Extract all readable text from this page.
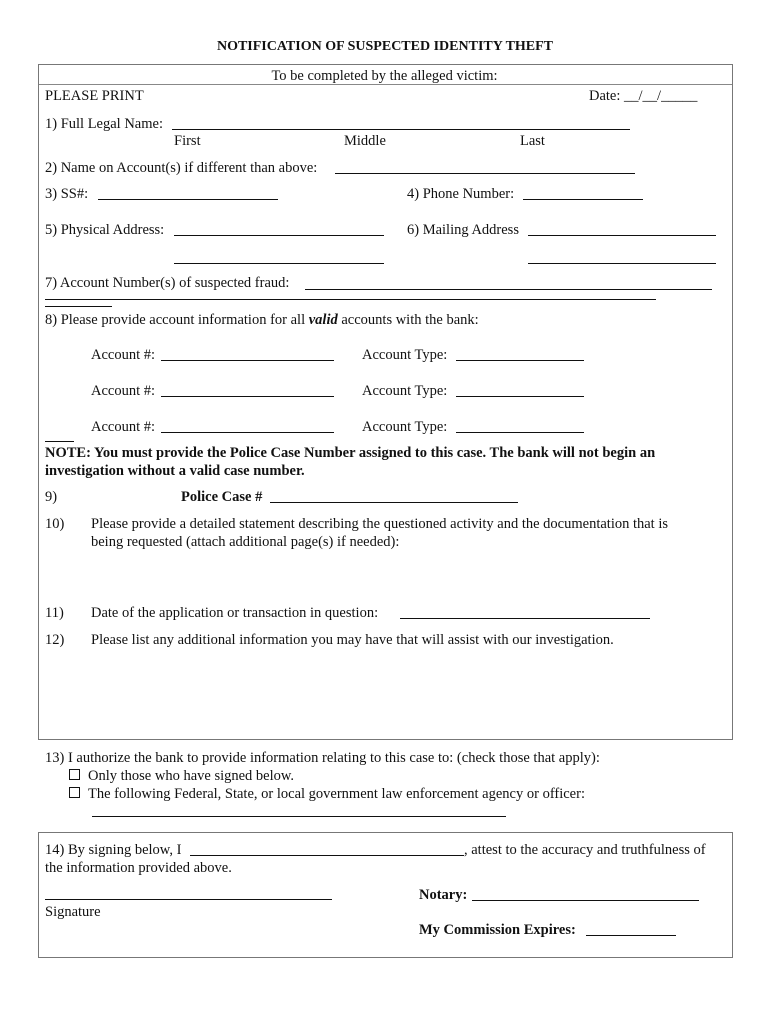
NOTIFICATION OF SUSPECTED IDENTITY THEFT
To be completed by the alleged victim:
PLEASE PRINT	Date: __/__/_____
1) Full Legal Name:
First	Middle	Last
2) Name on Account(s) if different than above:
3) SS#:	4) Phone Number:
5) Physical Address:	6) Mailing Address
7) Account Number(s) of suspected fraud:
8) Please provide account information for all valid accounts with the bank:
Account #:	Account Type:
Account #:	Account Type:
Account #:	Account Type:
NOTE: You must provide the Police Case Number assigned to this case. The bank will not begin an
investigation without a valid case number.
9)	Police Case #
10) Please provide a detailed statement describing the questioned activity and the documentation that is
being requested (attach additional page(s) if needed):
11) Date of the application or transaction in question:
12) Please list any additional information you may have that will assist with our investigation.
13) I authorize the bank to provide information relating to this case to: (check those that apply):
Only those who have signed below.
The following Federal, State, or local government law enforcement agency or officer:
14) By signing below, I	, attest to the accuracy and truthfulness of
the information provided above.
Signature
Notary:
My Commission Expires:
